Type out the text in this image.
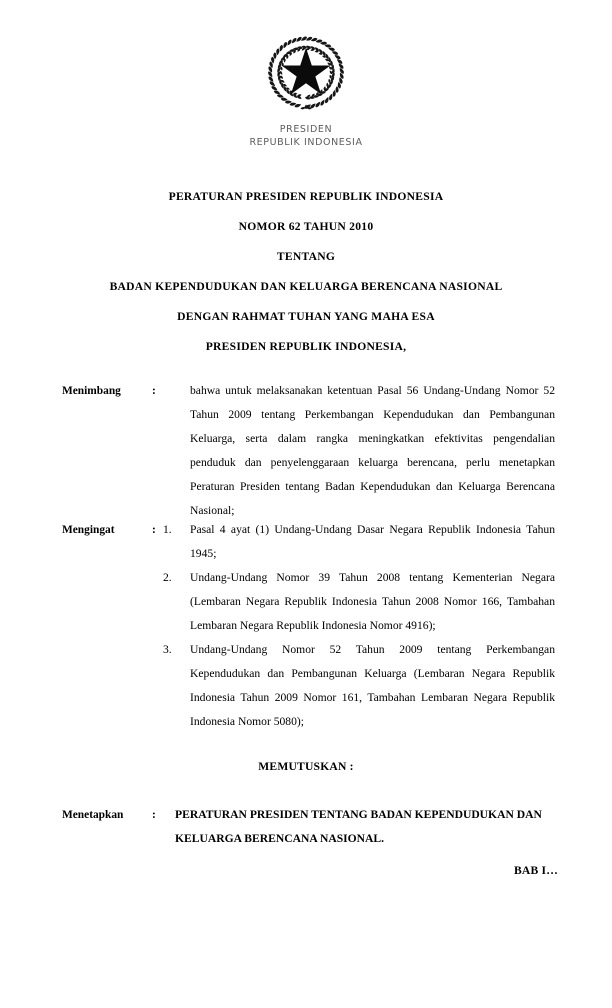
PRESIDEN
REPUBLIK INDONESIA
PERATURAN PRESIDEN REPUBLIK INDONESIA
NOMOR 62 TAHUN 2010
TENTANG
BADAN KEPENDUDUKAN DAN KELUARGA BERENCANA NASIONAL
DENGAN RAHMAT TUHAN YANG MAHA ESA
PRESIDEN REPUBLIK INDONESIA,
Menimbang	:	bahwa untuk melaksanakan ketentuan Pasal 56 Undang-Undang Nomor 52 Tahun 2009 tentang Perkembangan Kependudukan dan Pembangunan Keluarga, serta dalam rangka meningkatkan efektivitas pengendalian penduduk dan penyelenggaraan keluarga berencana, perlu menetapkan Peraturan Presiden tentang Badan Kependudukan dan Keluarga Berencana Nasional;
Mengingat	: 1. Pasal 4 ayat (1) Undang-Undang Dasar Negara Republik Indonesia Tahun 1945;
2. Undang-Undang Nomor 39 Tahun 2008 tentang Kementerian Negara (Lembaran Negara Republik Indonesia Tahun 2008 Nomor 166, Tambahan Lembaran Negara Republik Indonesia Nomor 4916);
3. Undang-Undang Nomor 52 Tahun 2009 tentang Perkembangan Kependudukan dan Pembangunan Keluarga (Lembaran Negara Republik Indonesia Tahun 2009 Nomor 161, Tambahan Lembaran Negara Republik Indonesia Nomor 5080);
MEMUTUSKAN :
Menetapkan	: PERATURAN PRESIDEN TENTANG BADAN KEPENDUDUKAN DAN KELUARGA BERENCANA NASIONAL.
BAB I…
